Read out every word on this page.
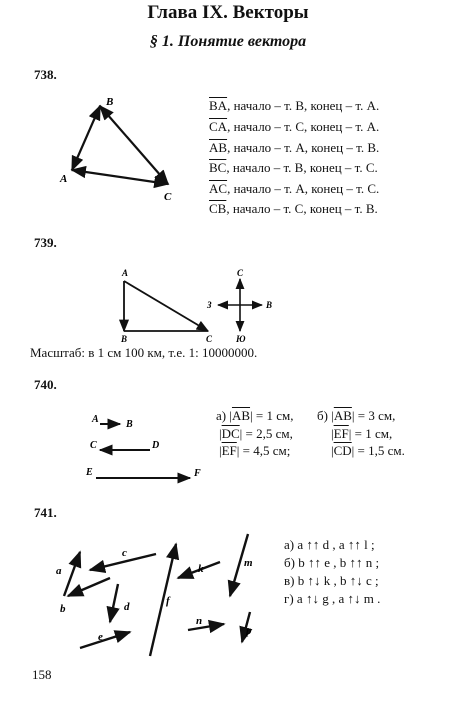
Глава IX. Векторы
§ 1. Понятие вектора
738.
A
B
C
$\overline{BA}$, начало – т. B, конец – т. A.
$\overline{CA}$, начало – т. C, конец – т. A.
$\overline{AB}$, начало – т. A, конец – т. B.
$\overline{BC}$, начало – т. B, конец – т. C.
$\overline{AC}$, начало – т. A, конец – т. C.
$\overline{CB}$, начало – т. C, конец – т. B.
739.
A
B	C
С
Ю
З	В
Масштаб: в 1 см 100 км, т.е. 1: 10000000.
740.
A	B
C	D
E	F
а) $|\overline{AB}| = 1$ см,
$|\overline{DC}| = 2,5$ см,
$|\overline{EF}| = 4,5$ см;
б) $|\overline{AB}| = 3$ см,
$|\overline{EF}| = 1$ см,
$|\overline{CD}| = 1,5$ см.
741.
a
b
c
d
e
f
k	m
n
p
а) a ↑↑ d , a ↑↑ l ;
б) b ↑↑ e , b ↑↑ n ;
в) b ↑↓ k , b ↑↓ c ;
г) a ↑↓ g , a ↑↓ m .
158
